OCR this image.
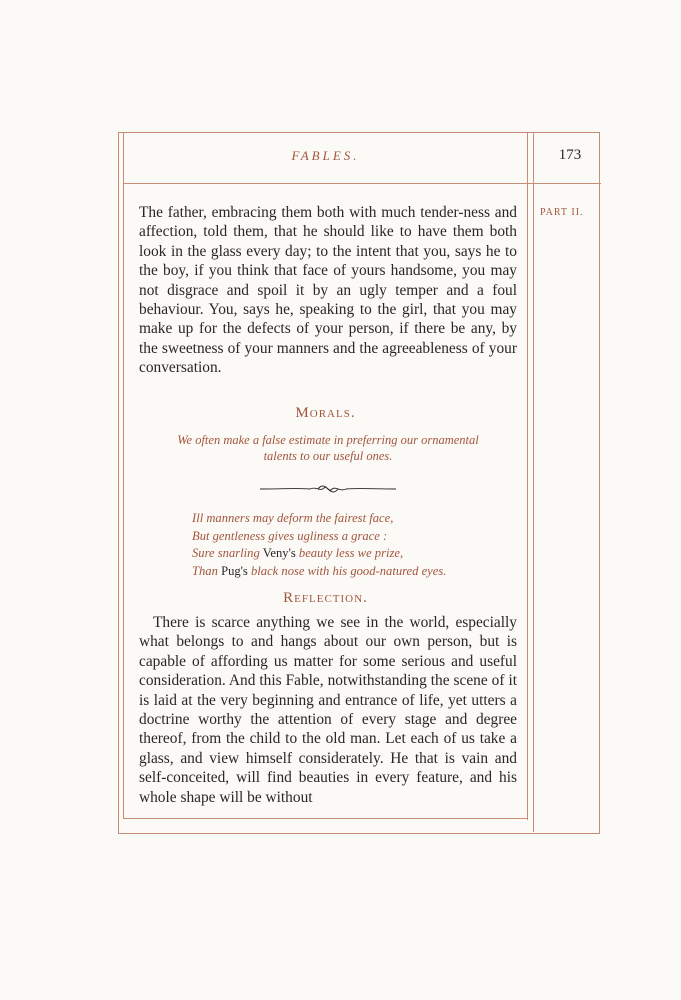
FABLES.	173
PART II.

The father, embracing them both with much tender-ness and affection, told them, that he should like to have them both look in the glass every day; to the intent that you, says he to the boy, if you think that face of yours handsome, you may not disgrace and spoil it by an ugly temper and a foul behaviour. You, says he, speaking to the girl, that you may make up for the defects of your person, if there be any, by the sweetness of your manners and the agreeableness of your conversation.

Morals.

We often make a false estimate in preferring our ornamental
talents to our useful ones.

Ill manners may deform the fairest face,
But gentleness gives ugliness a grace :
Sure snarling Veny's beauty less we prize,
Than Pug's black nose with his good-natured eyes.
Reflection.

There is scarce anything we see in the world, especially what belongs to and hangs about our own person, but is capable of affording us matter for some serious and useful consideration. And this Fable, notwithstanding the scene of it is laid at the very beginning and entrance of life, yet utters a doctrine worthy the attention of every stage and degree thereof, from the child to the old man. Let each of us take a glass, and view himself considerately. He that is vain and self-conceited, will find beauties in every feature, and his whole shape will be without
